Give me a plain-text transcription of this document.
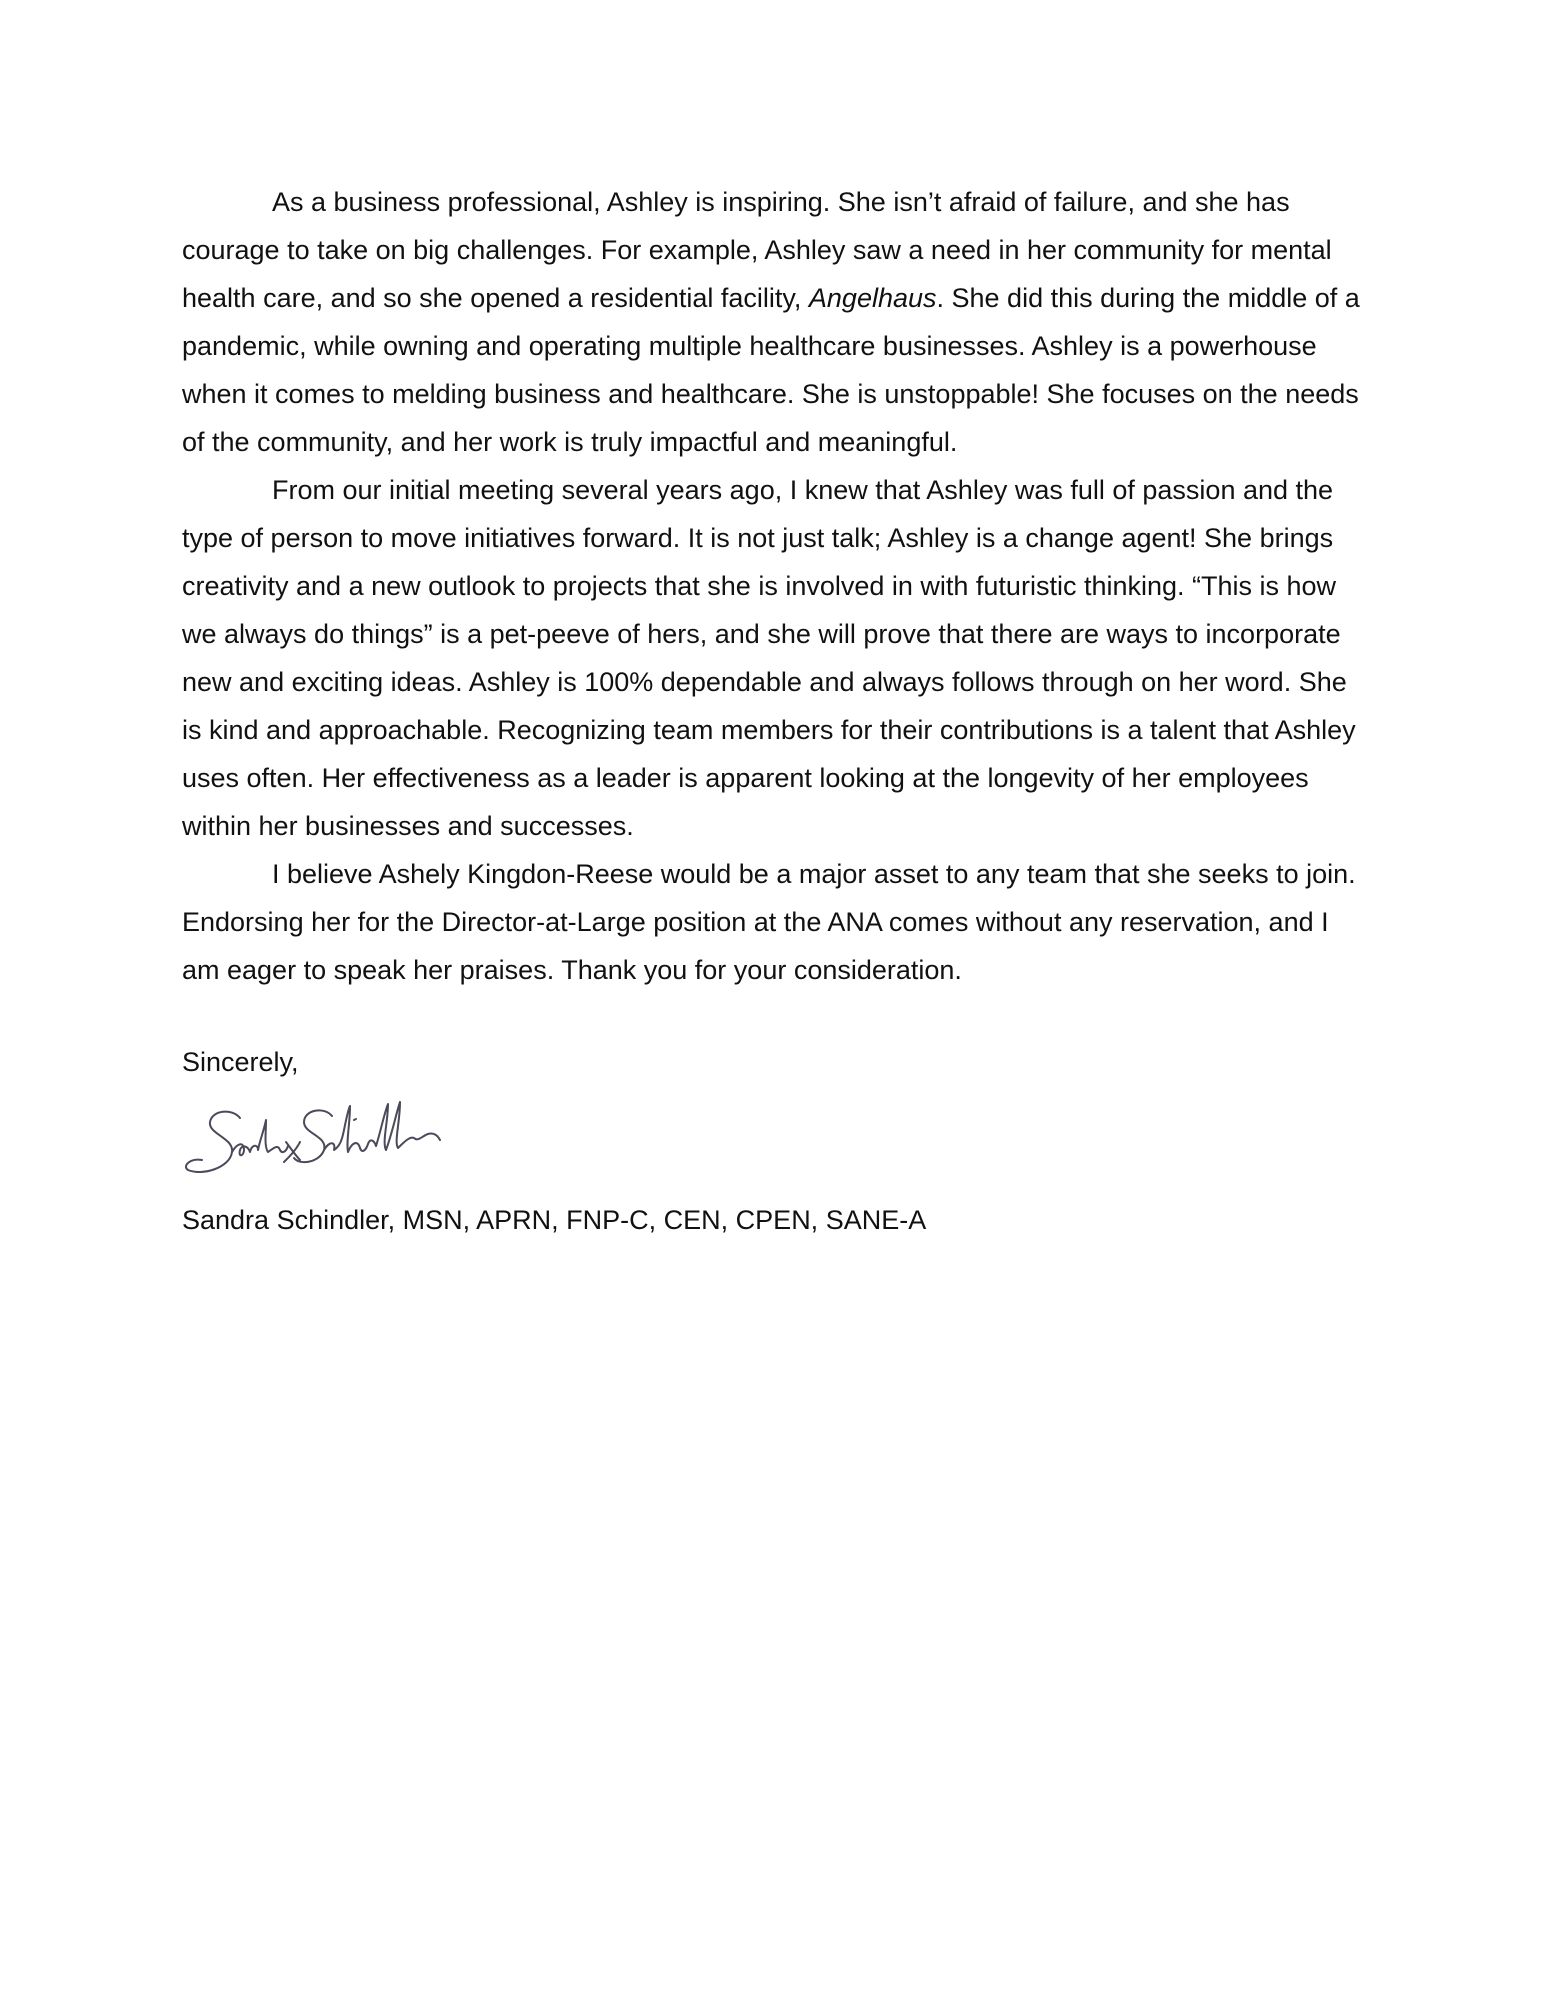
As a business professional, Ashley is inspiring. She isn’t afraid of failure, and she has courage to take on big challenges. For example, Ashley saw a need in her community for mental health care, and so she opened a residential facility, Angelhaus. She did this during the middle of a pandemic, while owning and operating multiple healthcare businesses. Ashley is a powerhouse when it comes to melding business and healthcare. She is unstoppable! She focuses on the needs of the community, and her work is truly impactful and meaningful.

From our initial meeting several years ago, I knew that Ashley was full of passion and the type of person to move initiatives forward. It is not just talk; Ashley is a change agent! She brings creativity and a new outlook to projects that she is involved in with futuristic thinking. “This is how we always do things” is a pet-peeve of hers, and she will prove that there are ways to incorporate new and exciting ideas. Ashley is 100% dependable and always follows through on her word. She is kind and approachable. Recognizing team members for their contributions is a talent that Ashley uses often. Her effectiveness as a leader is apparent looking at the longevity of her employees within her businesses and successes.

I believe Ashely Kingdon-Reese would be a major asset to any team that she seeks to join. Endorsing her for the Director-at-Large position at the ANA comes without any reservation, and I am eager to speak her praises. Thank you for your consideration.

Sincerely,

Sandra Schindler, MSN, APRN, FNP-C, CEN, CPEN, SANE-A
